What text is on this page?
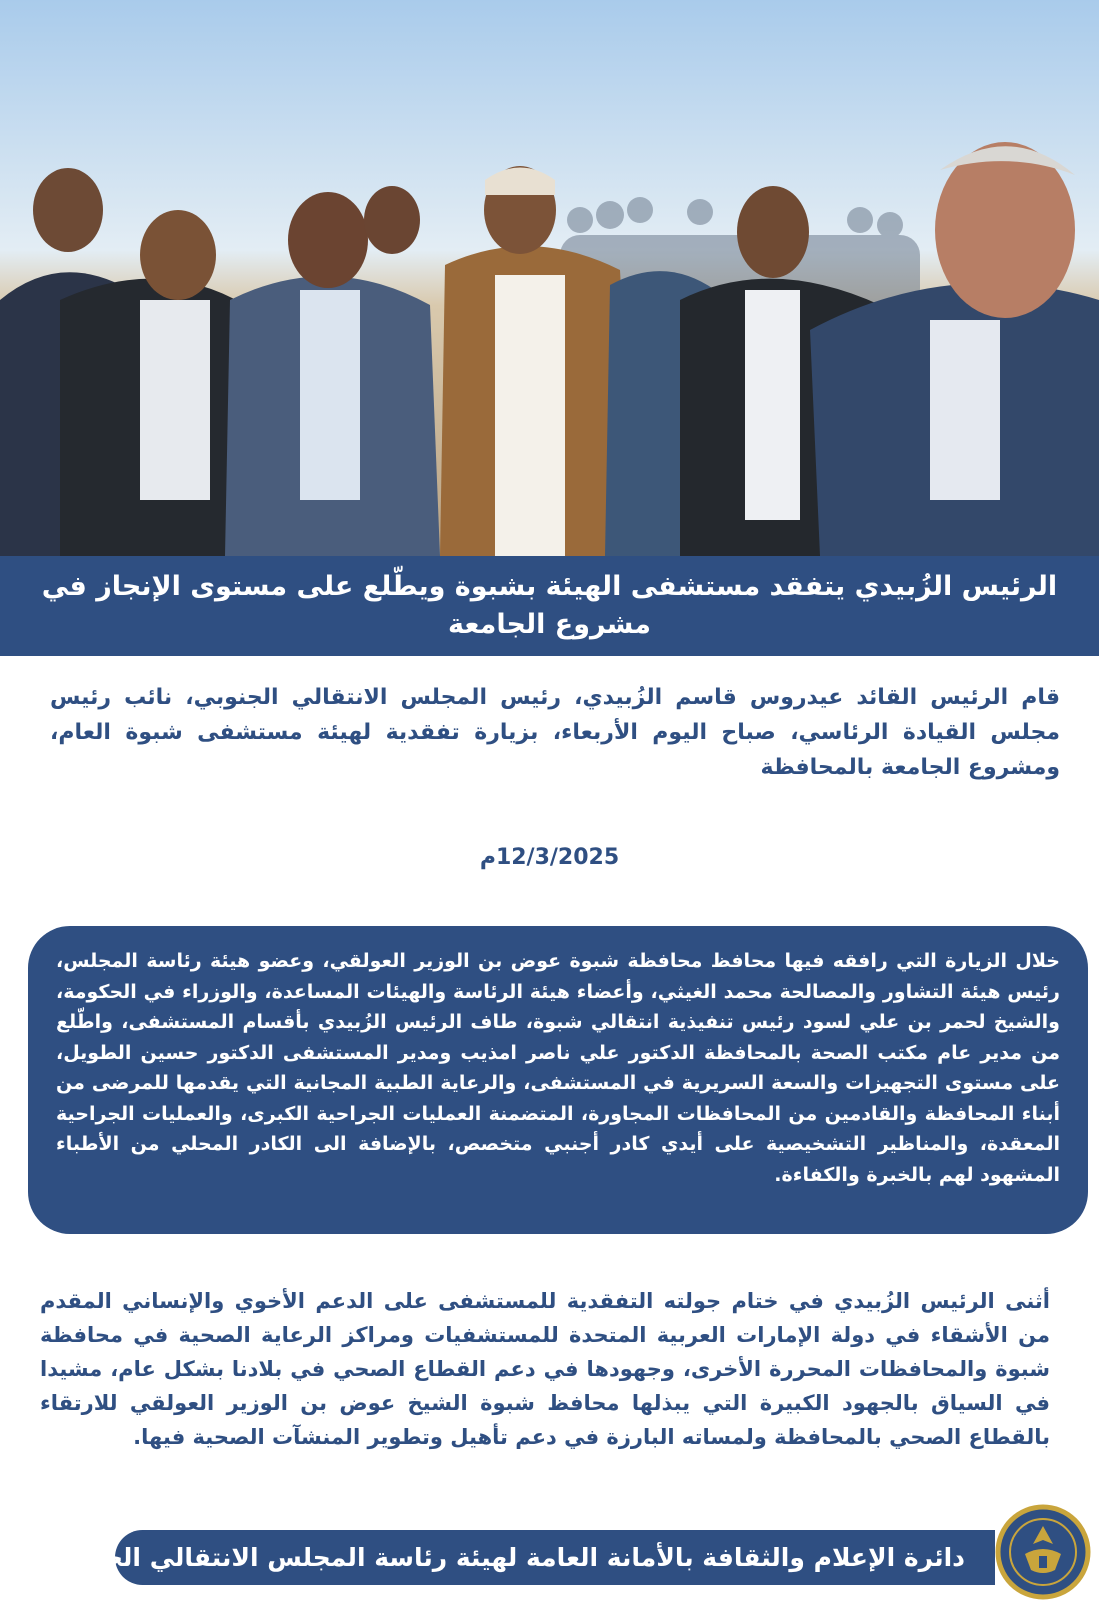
الرئيس الزُبيدي يتفقد مستشفى الهيئة بشبوة ويطّلع على مستوى الإنجاز في مشروع الجامعة

قام الرئيس القائد عيدروس قاسم الزُبيدي، رئيس المجلس الانتقالي الجنوبي، نائب رئيس مجلس القيادة الرئاسي، صباح اليوم الأربعاء، بزيارة تفقدية لهيئة مستشفى شبوة العام، ومشروع الجامعة بالمحافظة

12/3/2025م

خلال الزيارة التي رافقه فيها محافظ محافظة شبوة عوض بن الوزير العولقي، وعضو هيئة رئاسة المجلس، رئيس هيئة التشاور والمصالحة محمد الغيثي، وأعضاء هيئة الرئاسة والهيئات المساعدة، والوزراء في الحكومة، والشيخ لحمر بن علي لسود رئيس تنفيذية انتقالي شبوة، طاف الرئيس الزُبيدي بأقسام المستشفى، واطّلع من مدير عام مكتب الصحة بالمحافظة الدكتور علي ناصر امذيب ومدير المستشفى الدكتور حسين الطويل، على مستوى التجهيزات والسعة السريرية في المستشفى، والرعاية الطبية المجانية التي يقدمها للمرضى من أبناء المحافظة والقادمين من المحافظات المجاورة، المتضمنة العمليات الجراحية الكبرى، والعمليات الجراحية المعقدة، والمناظير التشخيصية على أيدي كادر أجنبي متخصص، بالإضافة الى الكادر المحلي من الأطباء المشهود لهم بالخبرة والكفاءة.

أثنى الرئيس الزُبيدي في ختام جولته التفقدية للمستشفى على الدعم الأخوي والإنساني المقدم من الأشقاء في دولة الإمارات العربية المتحدة للمستشفيات ومراكز الرعاية الصحية في محافظة شبوة والمحافظات المحررة الأخرى، وجهودها في دعم القطاع الصحي في بلادنا بشكل عام، مشيدا في السياق بالجهود الكبيرة التي يبذلها محافظ شبوة الشيخ عوض بن الوزير العولقي للارتقاء بالقطاع الصحي بالمحافظة ولمساته البارزة في دعم تأهيل وتطوير المنشآت الصحية فيها.

دائرة الإعلام والثقافة بالأمانة العامة لهيئة رئاسة المجلس الانتقالي الجنوبي
